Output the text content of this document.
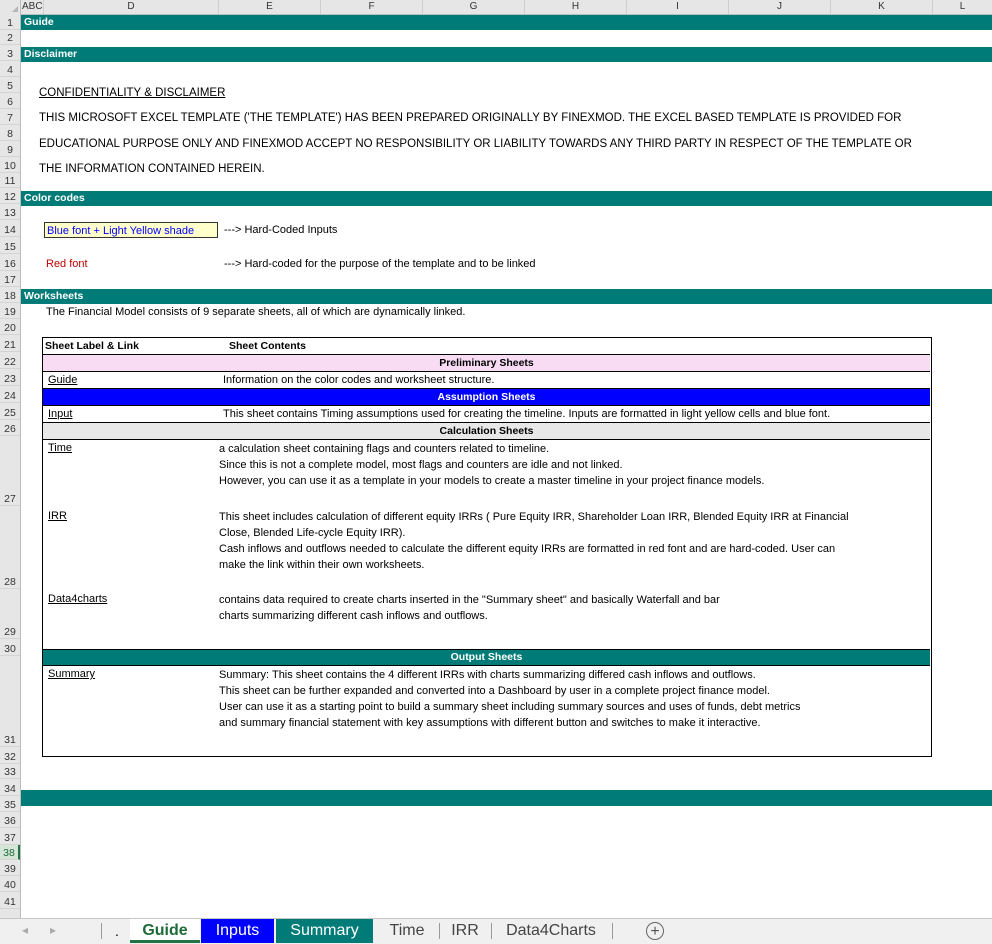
ABC	D	E	F	G	H	I	J	K	L
1
2
3
4
5
6
7
8
9
10
11
12
13
14
15
16
17
18
19
20
21
22
23
24
25
26
27
28
29
30
31
32
33
34
35
36
37
38
39
40
41
Guide
Disclaimer
Color codes
Worksheets
CONFIDENTIALITY & DISCLAIMER
THIS MICROSOFT EXCEL TEMPLATE ('THE TEMPLATE') HAS BEEN PREPARED ORIGINALLY BY FINEXMOD. THE EXCEL BASED TEMPLATE IS PROVIDED FOR
EDUCATIONAL PURPOSE ONLY AND FINEXMOD ACCEPT NO RESPONSIBILITY OR LIABILITY TOWARDS ANY THIRD PARTY IN RESPECT OF THE TEMPLATE OR
THE INFORMATION CONTAINED HEREIN.
Blue font + Light Yellow shade	---> Hard-Coded Inputs
Red font	---> Hard-coded for the purpose of the template and to be linked
The Financial Model consists of 9 separate sheets, all of which are dynamically linked.
Sheet Label & Link	Sheet Contents
Preliminary Sheets
Guide	Information on the color codes and worksheet structure.
Assumption Sheets
Input	This sheet contains Timing assumptions used for creating the timeline. Inputs are formatted in light yellow cells and blue font.
Calculation Sheets
Time	a calculation sheet containing flags and counters related to timeline.
Since this is not a complete model, most flags and counters are idle and not linked.
However, you can use it as a template in your models to create a master timeline in your project finance models.
IRR	This sheet includes calculation of different equity IRRs ( Pure Equity IRR, Shareholder Loan IRR, Blended Equity IRR at Financial
Close, Blended Life-cycle Equity IRR).
Cash inflows and outflows needed to calculate the different equity IRRs are formatted in red font and are hard-coded. User can
make the link within their own worksheets.
Data4charts	contains data required to create charts inserted in the "Summary sheet" and basically Waterfall and bar
charts summarizing different cash inflows and outflows.
Output Sheets
Summary	Summary: This sheet contains the 4 different IRRs with charts summarizing differed cash inflows and outflows.
This sheet can be further expanded and converted into a Dashboard by user in a complete project finance model.
User can use it as a starting point to build a summary sheet including summary sources and uses of funds, debt metrics
and summary financial statement with key assumptions with different button and switches to make it interactive.
◂ ▸	.	Guide	Inputs	Summary	Time	IRR	Data4Charts	+
